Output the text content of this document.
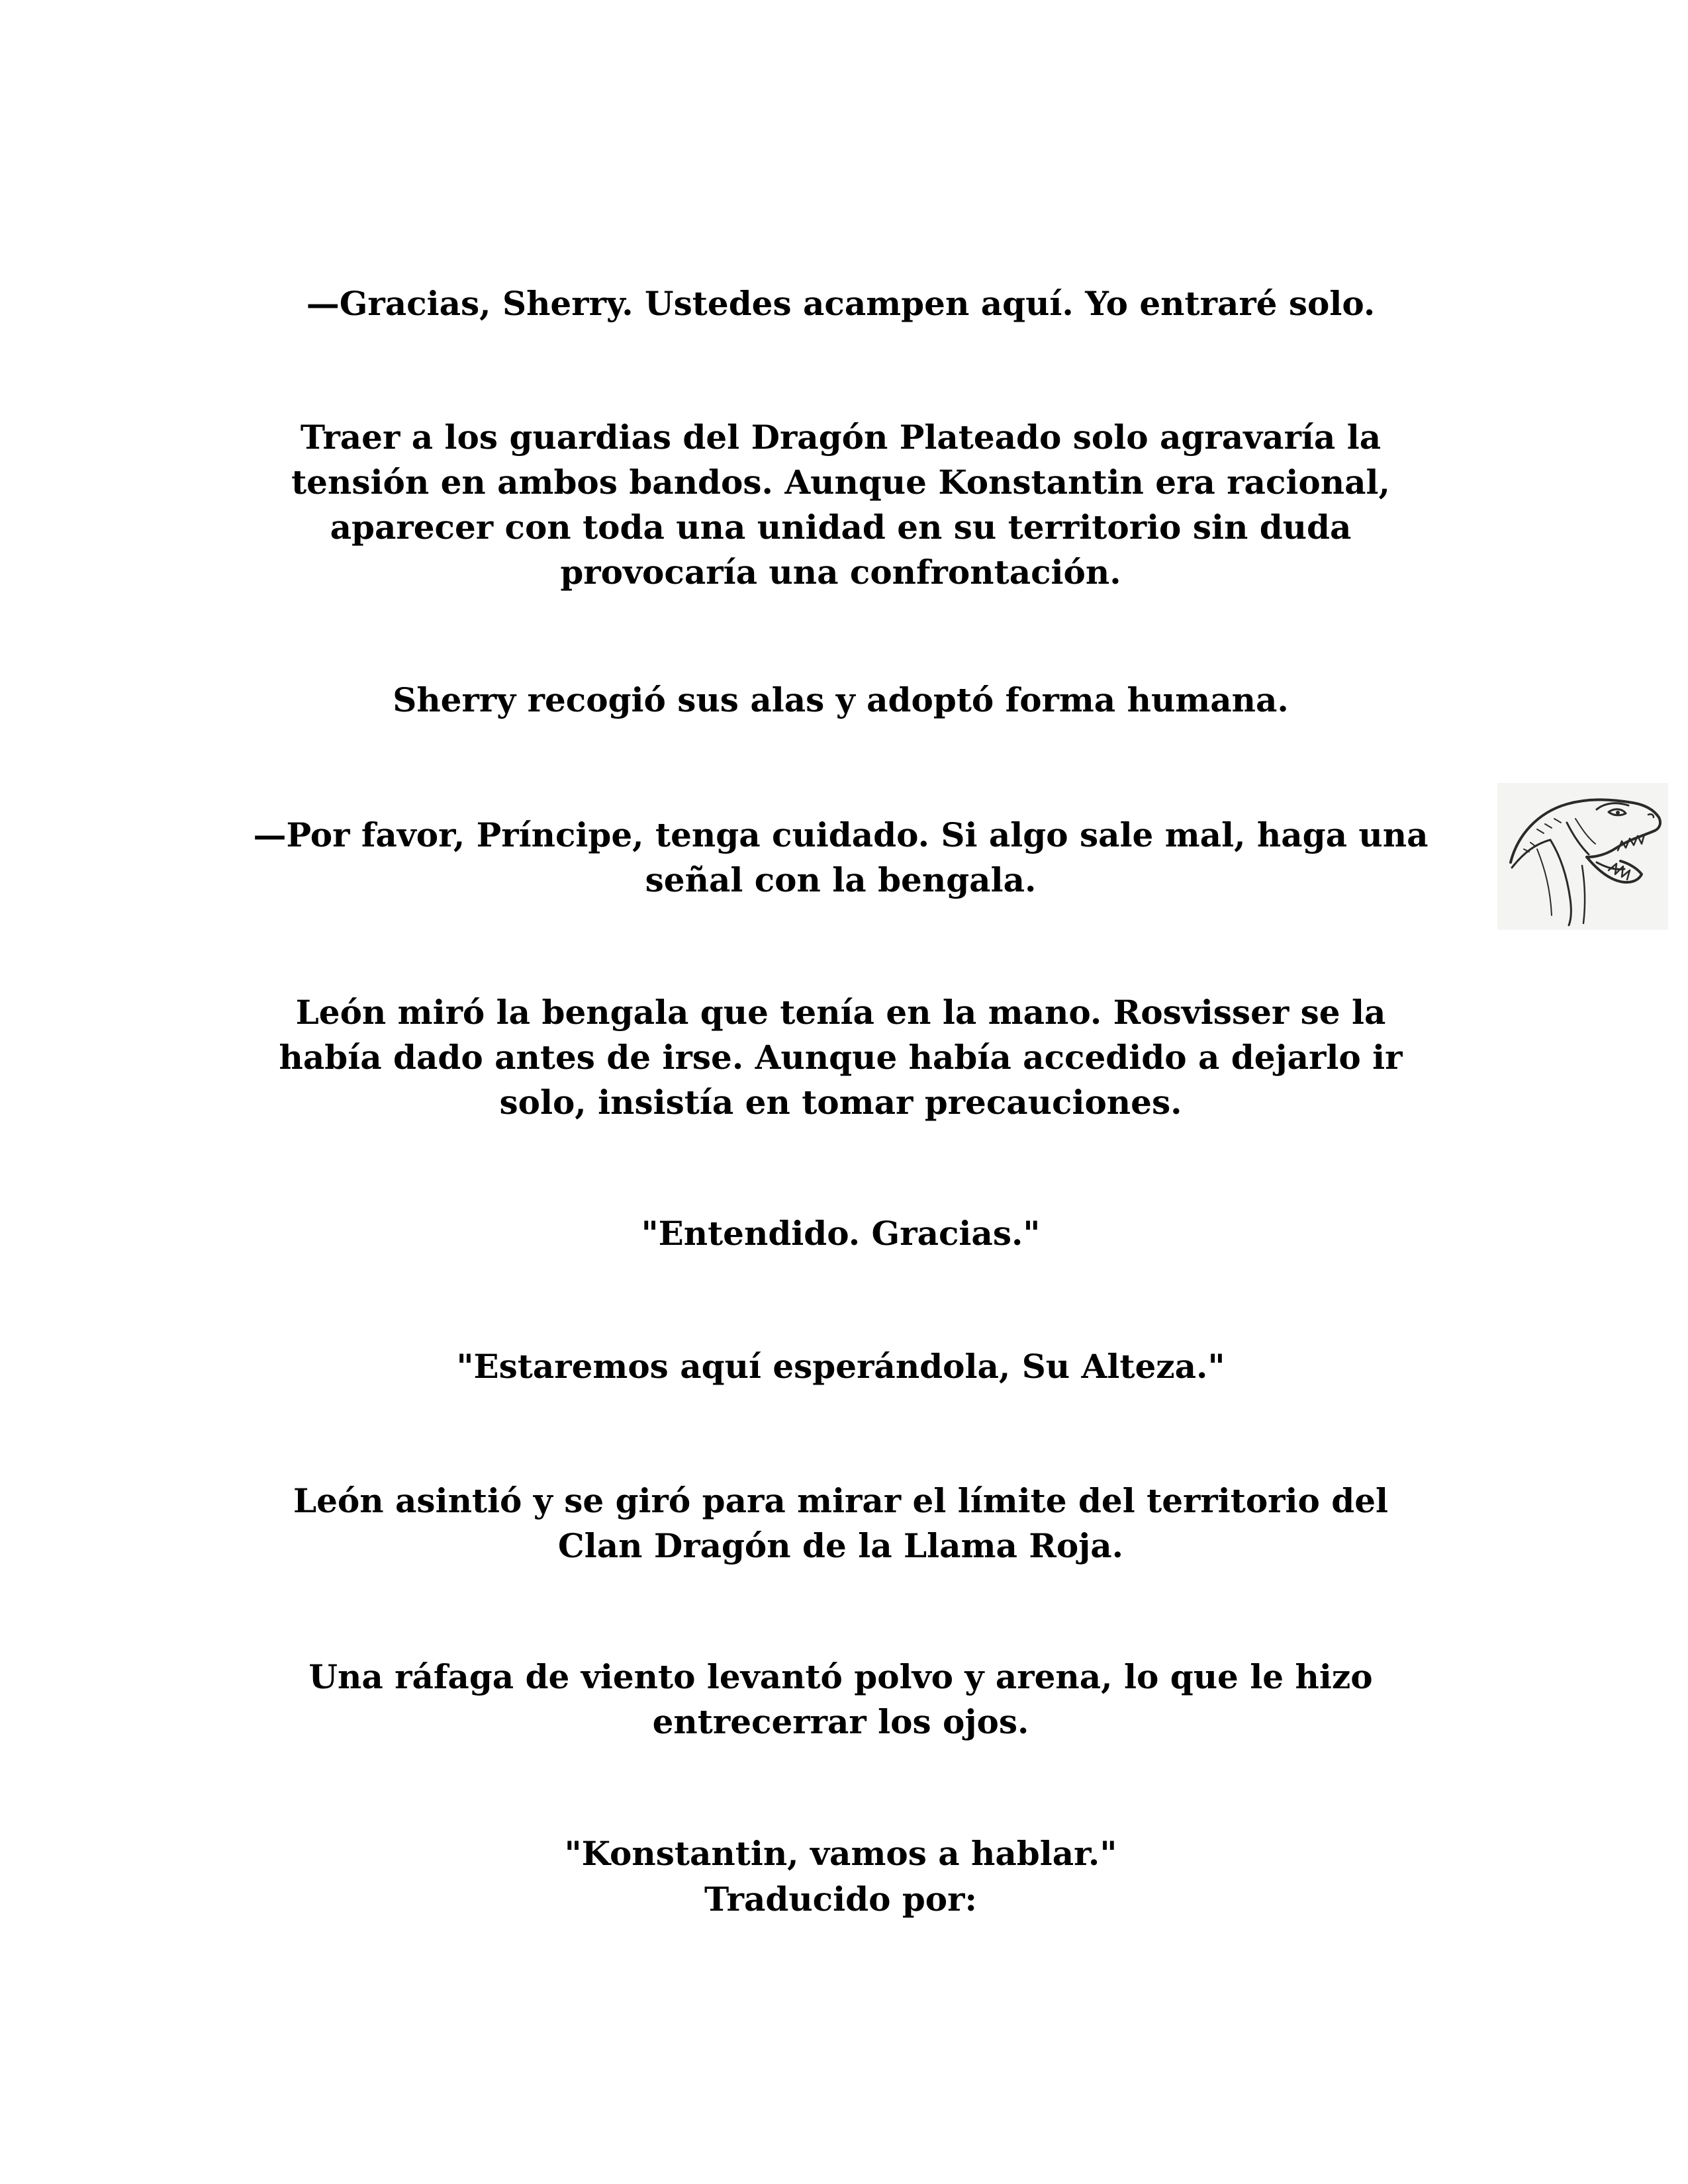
—Gracias, Sherry. Ustedes acampen aquí. Yo entraré solo.

Traer a los guardias del Dragón Plateado solo agravaría la
tensión en ambos bandos. Aunque Konstantin era racional,
aparecer con toda una unidad en su territorio sin duda
provocaría una confrontación.

Sherry recogió sus alas y adoptó forma humana.

—Por favor, Príncipe, tenga cuidado. Si algo sale mal, haga una
señal con la bengala.

León miró la bengala que tenía en la mano. Rosvisser se la
había dado antes de irse. Aunque había accedido a dejarlo ir
solo, insistía en tomar precauciones.

"Entendido. Gracias."

"Estaremos aquí esperándola, Su Alteza."

León asintió y se giró para mirar el límite del territorio del
Clan Dragón de la Llama Roja.

Una ráfaga de viento levantó polvo y arena, lo que le hizo
entrecerrar los ojos.

"Konstantin, vamos a hablar."

Traducido por:
